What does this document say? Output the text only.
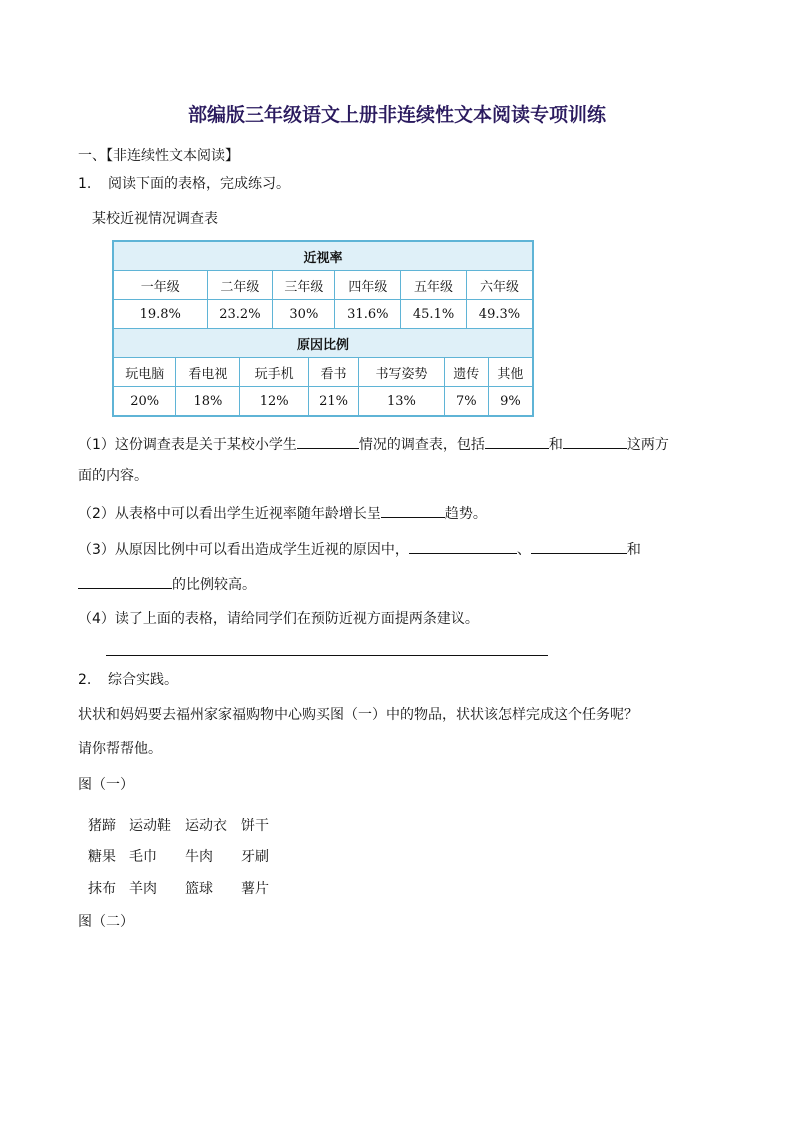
部编版三年级语文上册非连续性文本阅读专项训练
一、【非连续性文本阅读】
1. 阅读下面的表格，完成练习。
某校近视情况调查表
近视率											
一年级		二年级		三年级		四年级		五年级		六年级	
19.8%		23.2%		30%		31.6%		45.1%		49.3%	
原因比例											
玩电脑	看电视		玩手机		看书		书写姿势		遗传		其他
20%	18%		12%		21%		13%		7%		9%
（1）这份调查表是关于某校小学生	情况的调查表，包括	和	这两方
面的内容。
（2）从表格中可以看出学生近视率随年龄增长呈	趋势。
（3）从原因比例中可以看出造成学生近视的原因中，	、	和
的比例较高。
（4）读了上面的表格，请给同学们在预防近视方面提两条建议。
2. 综合实践。
状状和妈妈要去福州家家福购物中心购买图（一）中的物品，状状该怎样完成这个任务呢？
请你帮帮他。
图（一）
猪蹄 运动鞋 运动衣 饼干
糖果 毛巾 牛肉 牙刷
抹布 羊肉 篮球 薯片
图（二）
